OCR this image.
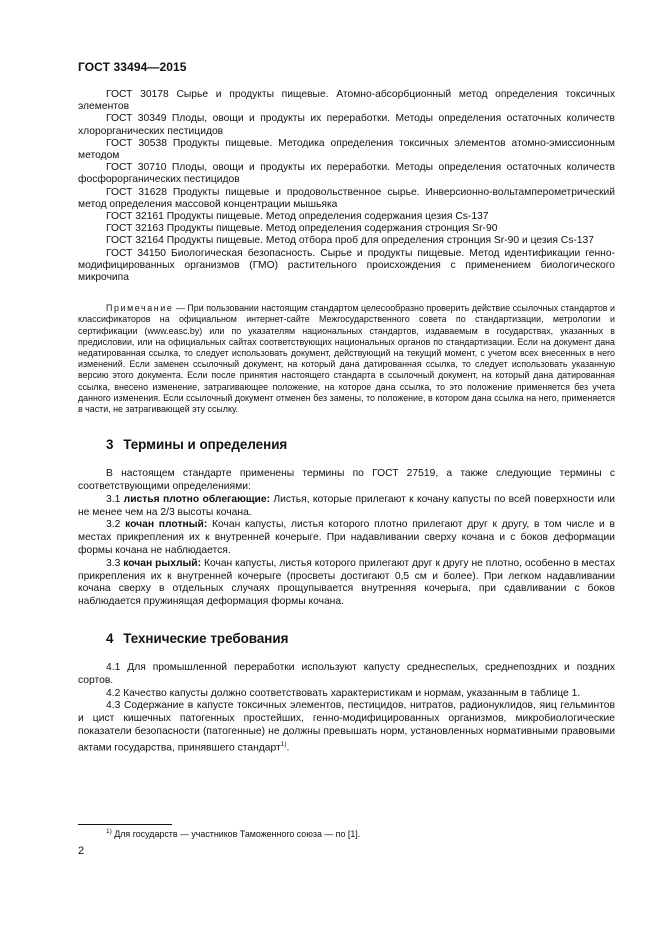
ГОСТ 33494—2015

ГОСТ 30178 Сырье и продукты пищевые. Атомно-абсорбционный метод определения токсичных элементов

ГОСТ 30349 Плоды, овощи и продукты их переработки. Методы определения остаточных количеств хлорорганических пестицидов

ГОСТ 30538 Продукты пищевые. Методика определения токсичных элементов атомно-эмиссионным методом

ГОСТ 30710 Плоды, овощи и продукты их переработки. Методы определения остаточных количеств фосфорорганических пестицидов

ГОСТ 31628 Продукты пищевые и продовольственное сырье. Инверсионно-вольтамперометрический метод определения массовой концентрации мышьяка

ГОСТ 32161 Продукты пищевые. Метод определения содержания цезия Cs-137

ГОСТ 32163 Продукты пищевые. Метод определения содержания стронция Sr-90

ГОСТ 32164 Продукты пищевые. Метод отбора проб для определения стронция Sr-90 и цезия Cs-137

ГОСТ 34150 Биологическая безопасность. Сырье и продукты пищевые. Метод идентификации генно-модифицированных организмов (ГМО) растительного происхождения с применением биологического микрочипа

Примечание — При пользовании настоящим стандартом целесообразно проверить действие ссылочных стандартов и классификаторов на официальном интернет-сайте Межгосударственного совета по стандартизации, метрологии и сертификации (www.easc.by) или по указателям национальных стандартов, издаваемым в государствах, указанных в предисловии, или на официальных сайтах соответствующих национальных органов по стандартизации. Если на документ дана недатированная ссылка, то следует использовать документ, действующий на текущий момент, с учетом всех внесенных в него изменений. Если заменен ссылочный документ, на который дана датированная ссылка, то следует использовать указанную версию этого документа. Если после принятия настоящего стандарта в ссылочный документ, на который дана датированная ссылка, внесено изменение, затрагивающее положение, на которое дана ссылка, то это положение применяется без учета данного изменения. Если ссылочный документ отменен без замены, то положение, в котором дана ссылка на него, применяется в части, не затрагивающей эту ссылку.

3 Термины и определения

В настоящем стандарте применены термины по ГОСТ 27519, а также следующие термины с соответствующими определениями:

3.1 листья плотно облегающие: Листья, которые прилегают к кочану капусты по всей поверхности или не менее чем на 2/3 высоты кочана.

3.2 кочан плотный: Кочан капусты, листья которого плотно прилегают друг к другу, в том числе и в местах прикрепления их к внутренней кочерыге. При надавливании сверху кочана и с боков деформации формы кочана не наблюдается.

3.3 кочан рыхлый: Кочан капусты, листья которого прилегают друг к другу не плотно, особенно в местах прикрепления их к внутренней кочерыге (просветы достигают 0,5 см и более). При легком надавливании кочана сверху в отдельных случаях прощупывается внутренняя кочерыга, при сдавливании с боков наблюдается пружинящая деформация формы кочана.

4 Технические требования

4.1 Для промышленной переработки используют капусту среднеспелых, среднепоздних и поздних сортов.

4.2 Качество капусты должно соответствовать характеристикам и нормам, указанным в таблице 1.

4.3 Содержание в капусте токсичных элементов, пестицидов, нитратов, радионуклидов, яиц гельминтов и цист кишечных патогенных простейших, генно-модифицированных организмов, микробиологические показатели безопасности (патогенные) не должны превышать норм, установленных нормативными правовыми актами государства, принявшего стандарт$^{1)}$.

$^{1)}$ Для государств — участников Таможенного союза — по [1].
2
